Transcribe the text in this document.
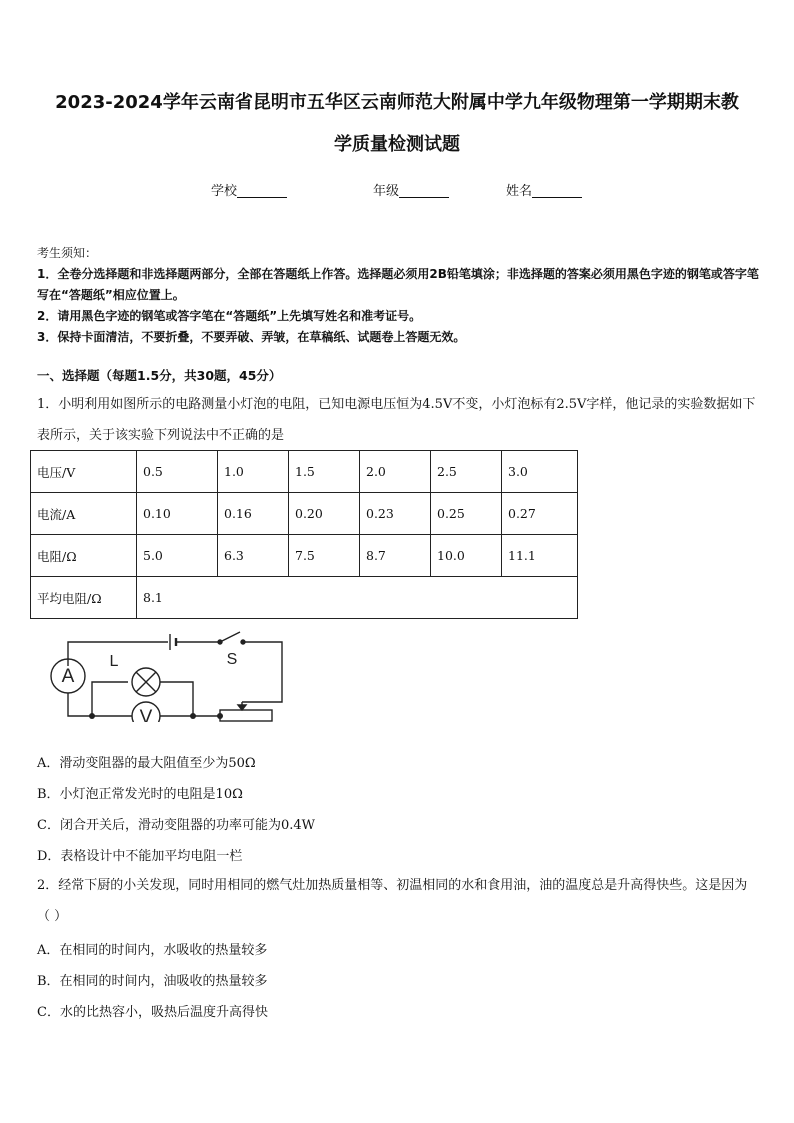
2023-2024学年云南省昆明市五华区云南师范大附属中学九年级物理第一学期期末教
学质量检测试题
学校	年级	姓名
考生须知：
1．全卷分选择题和非选择题两部分，全部在答题纸上作答。选择题必须用2B铅笔填涂；非选择题的答案必须用黑色字迹的钢笔或答字笔写在“答题纸”相应位置上。
2．请用黑色字迹的钢笔或答字笔在“答题纸”上先填写姓名和准考证号。
3．保持卡面清洁，不要折叠，不要弄破、弄皱，在草稿纸、试题卷上答题无效。
一、选择题（每题1.5分，共30题，45分）
1．小明利用如图所示的电路测量小灯泡的电阻，已知电源电压恒为4.5V不变，小灯泡标有2.5V字样，他记录的实验数据如下表所示，关于该实验下列说法中不正确的是
电压/V	0.5	1.0	1.5	2.0	2.5	3.0
电流/A	0.10	0.16	0.20	0.23	0.25	0.27
电阻/Ω	5.0	6.3	7.5	8.7	10.0	11.1
平均电阻/Ω	8.1					
A
V
L	S
A．滑动变阻器的最大阻值至少为50Ω
B．小灯泡正常发光时的电阻是10Ω
C．闭合开关后，滑动变阻器的功率可能为0.4W
D．表格设计中不能加平均电阻一栏
2．经常下厨的小关发现，同时用相同的燃气灶加热质量相等、初温相同的水和食用油，油的温度总是升高得快些。这是因为（ ）
A．在相同的时间内，水吸收的热量较多
B．在相同的时间内，油吸收的热量较多
C．水的比热容小，吸热后温度升高得快
